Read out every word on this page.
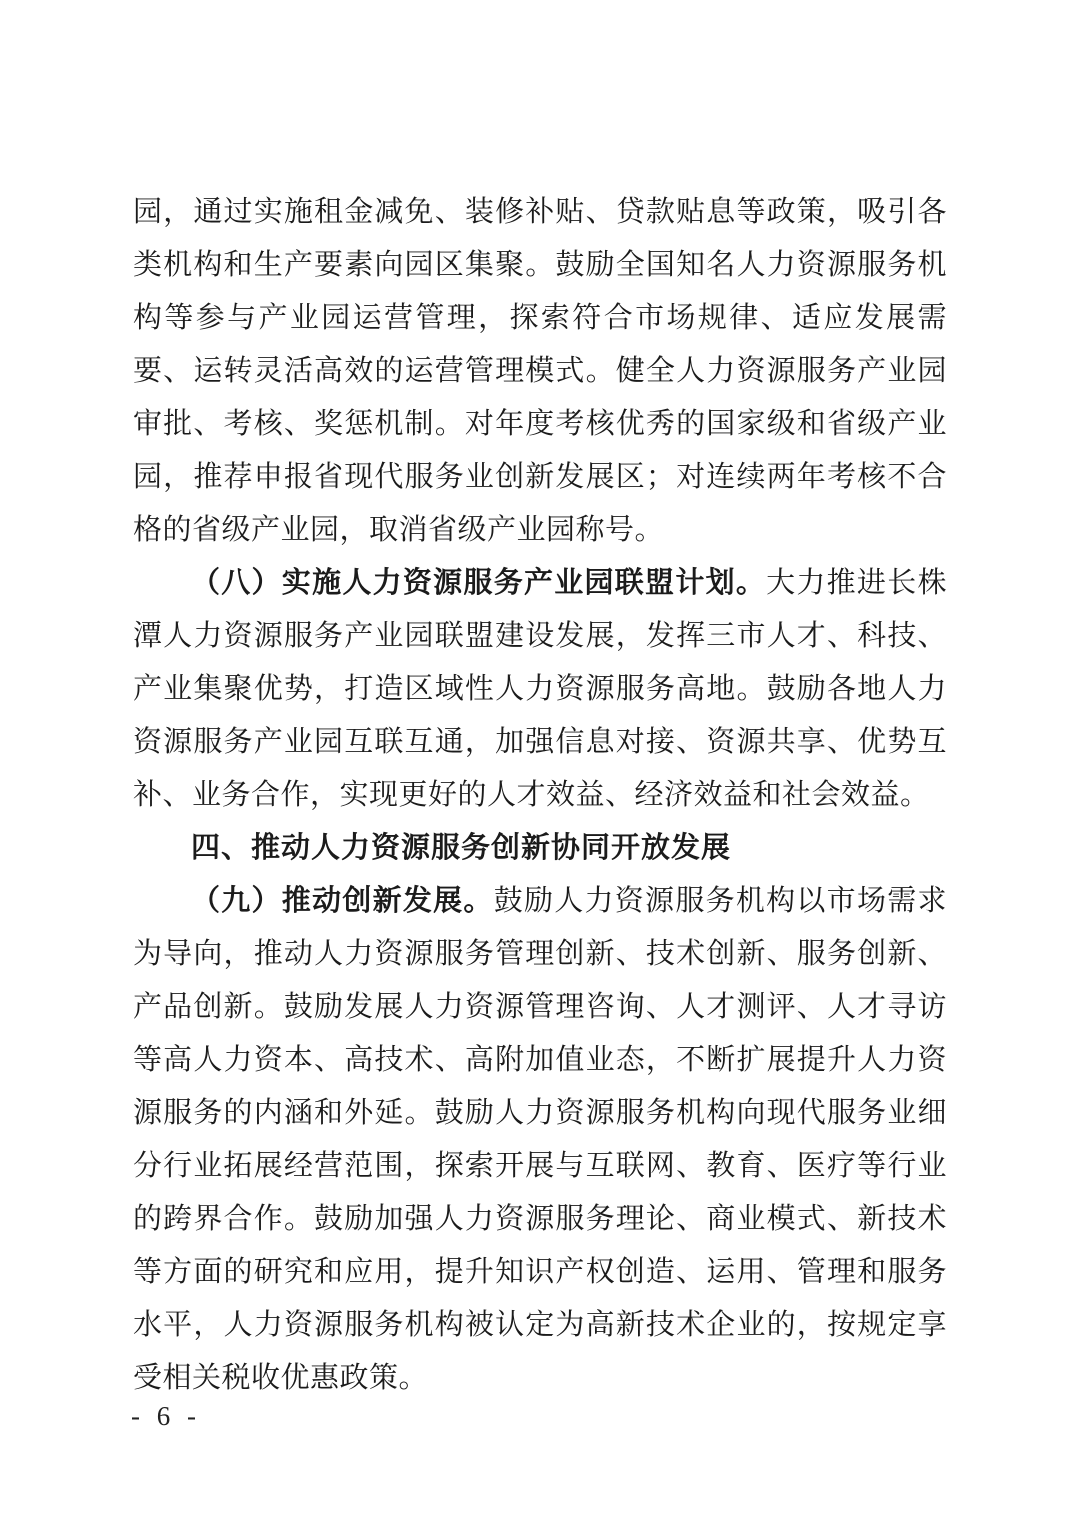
园，通过实施租金减免、装修补贴、贷款贴息等政策，吸引各类机构和生产要素向园区集聚。鼓励全国知名人力资源服务机构等参与产业园运营管理，探索符合市场规律、适应发展需要、运转灵活高效的运营管理模式。健全人力资源服务产业园审批、考核、奖惩机制。对年度考核优秀的国家级和省级产业园，推荐申报省现代服务业创新发展区；对连续两年考核不合格的省级产业园，取消省级产业园称号。

（八）实施人力资源服务产业园联盟计划。大力推进长株潭人力资源服务产业园联盟建设发展，发挥三市人才、科技、产业集聚优势，打造区域性人力资源服务高地。鼓励各地人力资源服务产业园互联互通，加强信息对接、资源共享、优势互补、业务合作，实现更好的人才效益、经济效益和社会效益。

四、推动人力资源服务创新协同开放发展

（九）推动创新发展。鼓励人力资源服务机构以市场需求为导向，推动人力资源服务管理创新、技术创新、服务创新、产品创新。鼓励发展人力资源管理咨询、人才测评、人才寻访等高人力资本、高技术、高附加值业态，不断扩展提升人力资源服务的内涵和外延。鼓励人力资源服务机构向现代服务业细分行业拓展经营范围，探索开展与互联网、教育、医疗等行业的跨界合作。鼓励加强人力资源服务理论、商业模式、新技术等方面的研究和应用，提升知识产权创造、运用、管理和服务水平，人力资源服务机构被认定为高新技术企业的，按规定享受相关税收优惠政策。

- 6 -
